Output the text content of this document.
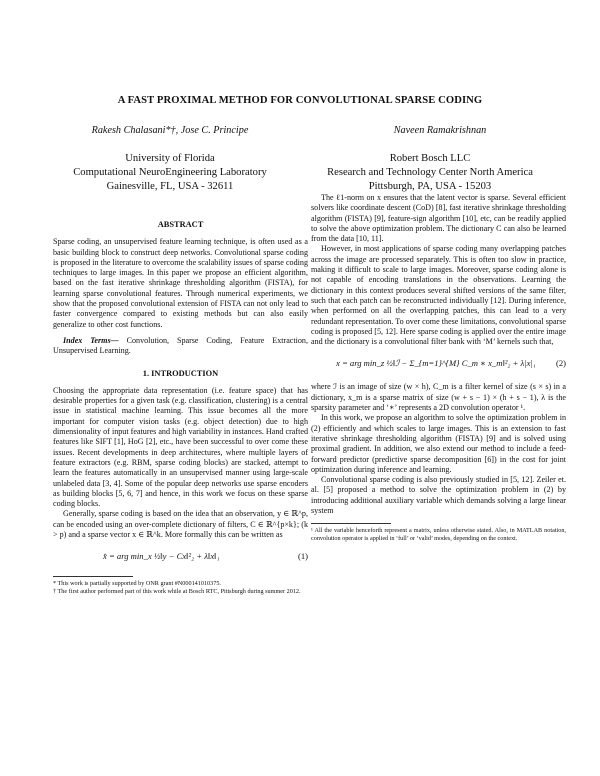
A FAST PROXIMAL METHOD FOR CONVOLUTIONAL SPARSE CODING
Rakesh Chalasani*†, Jose C. Principe	Naveen Ramakrishnan
University of Florida
Computational NeuroEngineering Laboratory
Gainesville, FL, USA - 32611
Robert Bosch LLC
Research and Technology Center North America
Pittsburgh, PA, USA - 15203
ABSTRACT

Sparse coding, an unsupervised feature learning technique, is often used as a basic building block to construct deep networks. Convolutional sparse coding is proposed in the literature to overcome the scalability issues of sparse coding techniques to large images. In this paper we propose an efficient algorithm, based on the fast iterative shrinkage thresholding algorithm (FISTA), for learning sparse convolutional features. Through numerical experiments, we show that the proposed convolutional extension of FISTA can not only lead to faster convergence compared to existing methods but can also easily generalize to other cost functions.

Index Terms— Convolution, Sparse Coding, Feature Extraction, Unsupervised Learning.

1. INTRODUCTION

Choosing the appropriate data representation (i.e. feature space) that has desirable properties for a given task (e.g. classification, clustering) is a central issue in statistical machine learning. This issue becomes all the more important for computer vision tasks (e.g. object detection) due to high dimensionality of input features and high variability in instances. Hand crafted features like SIFT [1], HoG [2], etc., have been successful to over come these issues. Recent developments in deep architectures, where multiple layers of feature extractors (e.g. RBM, sparse coding blocks) are stacked, attempt to learn the features automatically in an unsupervised manner using large-scale unlabeled data [3, 4]. Some of the popular deep networks use sparse encoders as building blocks [5, 6, 7] and hence, in this work we focus on these sparse coding blocks.

Generally, sparse coding is based on the idea that an observation, y ∈ ℝ^p, can be encoded using an over-complete dictionary of filters, C ∈ ℝ^{p×k}; (k > p) and a sparse vector x ∈ ℝ^k. More formally this can be written as

x̂ = arg min_x ½‖y − Cx‖²₂ + λ‖x‖₁	(1)

* This work is partially supported by ONR grant #N000141010375.

† The first author performed part of this work while at Bosch RTC, Pittsburgh during summer 2012.

The ℓ1-norm on x ensures that the latent vector is sparse. Several efficient solvers like coordinate descent (CoD) [8], fast iterative shrinkage thresholding algorithm (FISTA) [9], feature-sign algorithm [10], etc, can be readily applied to solve the above optimization problem. The dictionary C can also be learned from the data [10, 11].

However, in most applications of sparse coding many overlapping patches across the image are processed separately. This is often too slow in practice, making it difficult to scale to large images. Moreover, sparse coding alone is not capable of encoding translations in the observations. Learning the dictionary in this context produces several shifted versions of the same filter, such that each patch can be reconstructed individually [12]. During inference, when performed on all the overlapping patches, this can lead to a very redundant representation. To over come these limitations, convolutional sparse coding is proposed [5, 12]. Here sparse coding is applied over the entire image and the dictionary is a convolutional filter bank with ‘M’ kernels such that,

x = arg min_z ½‖ℐ − Σ_{m=1}^{M} C_m ∗ x_m‖²₂ + λ|x|₁ (2)

where ℐ is an image of size (w × h), C_m is a filter kernel of size (s × s) in a dictionary, x_m is a sparse matrix of size (w + s − 1) × (h + s − 1), λ is the sparsity parameter and ‘∗’ represents a 2D convolution operator ¹.

In this work, we propose an algorithm to solve the optimization problem in (2) efficiently and which scales to large images. This is an extension to fast iterative shrinkage thresholding algorithm (FISTA) [9] and is solved using proximal gradient. In addition, we also extend our method to include a feed-forward predictor (predictive sparse decomposition [6]) in the cost for joint optimization during inference and learning.

Convolutional sparse coding is also previously studied in [5, 12]. Zeiler et. al. [5] proposed a method to solve the optimization problem in (2) by introducing additional auxiliary variable which demands solving a large linear system

¹ All the variable henceforth represent a matrix, unless otherwise stated. Also, in MATLAB notation, convolution operator is applied in ‘full’ or ‘valid’ modes, depending on the context.
